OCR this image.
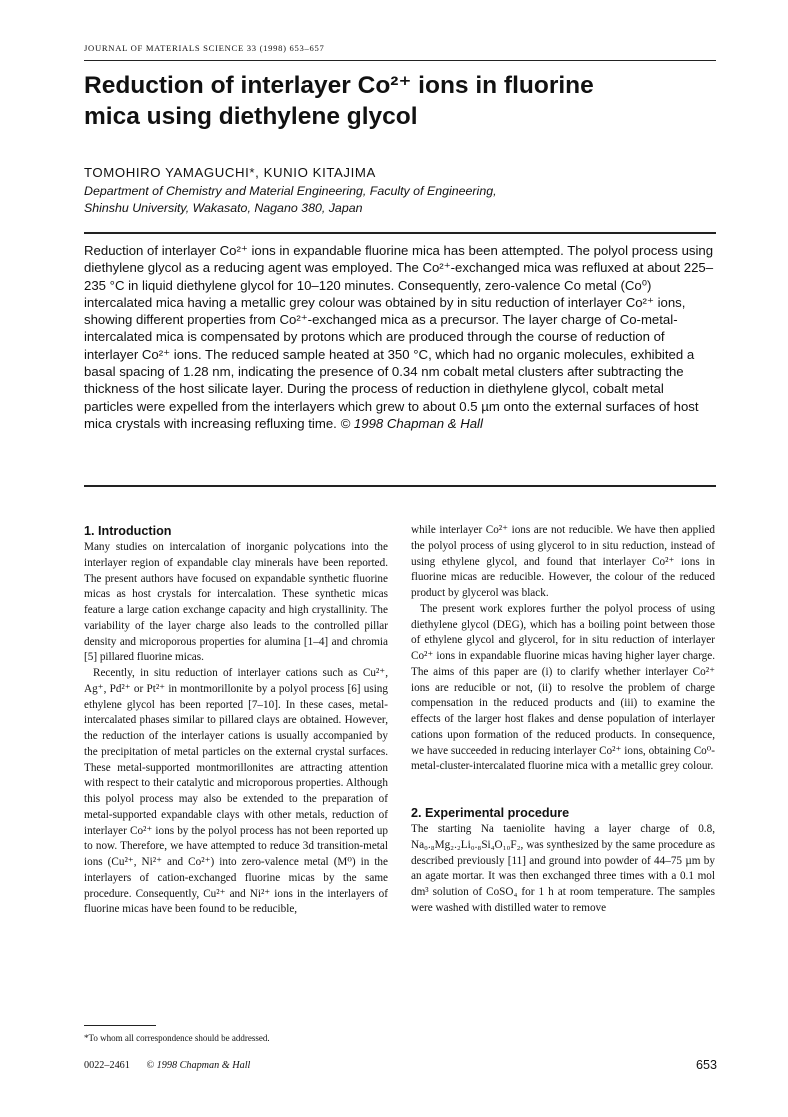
JOURNAL OF MATERIALS SCIENCE 33 (1998) 653–657
Reduction of interlayer Co²⁺ ions in fluorine
mica using diethylene glycol
TOMOHIRO YAMAGUCHI*, KUNIO KITAJIMA
Department of Chemistry and Material Engineering, Faculty of Engineering,
Shinshu University, Wakasato, Nagano 380, Japan
Reduction of interlayer Co²⁺ ions in expandable fluorine mica has been attempted. The polyol process using diethylene glycol as a reducing agent was employed. The Co²⁺-exchanged mica was refluxed at about 225–235 °C in liquid diethylene glycol for 10–120 minutes. Consequently, zero-valence Co metal (Co⁰) intercalated mica having a metallic grey colour was obtained by in situ reduction of interlayer Co²⁺ ions, showing different properties from Co²⁺-exchanged mica as a precursor. The layer charge of Co-metal-intercalated mica is compensated by protons which are produced through the course of reduction of interlayer Co²⁺ ions. The reduced sample heated at 350 °C, which had no organic molecules, exhibited a basal spacing of 1.28 nm, indicating the presence of 0.34 nm cobalt metal clusters after subtracting the thickness of the host silicate layer. During the process of reduction in diethylene glycol, cobalt metal particles were expelled from the interlayers which grew to about 0.5 µm onto the external surfaces of host mica crystals with increasing refluxing time. © 1998 Chapman & Hall
1. Introduction

Many studies on intercalation of inorganic polycations into the interlayer region of expandable clay minerals have been reported. The present authors have focused on expandable synthetic fluorine micas as host crystals for intercalation. These synthetic micas feature a large cation exchange capacity and high crystallinity. The variability of the layer charge also leads to the controlled pillar density and microporous properties for alumina [1–4] and chromia [5] pillared fluorine micas.

Recently, in situ reduction of interlayer cations such as Cu²⁺, Ag⁺, Pd²⁺ or Pt²⁺ in montmorillonite by a polyol process [6] using ethylene glycol has been reported [7–10]. In these cases, metal-intercalated phases similar to pillared clays are obtained. However, the reduction of the interlayer cations is usually accompanied by the precipitation of metal particles on the external crystal surfaces. These metal-supported montmorillonites are attracting attention with respect to their catalytic and microporous properties. Although this polyol process may also be extended to the preparation of metal-supported expandable clays with other metals, reduction of interlayer Co²⁺ ions by the polyol process has not been reported up to now. Therefore, we have attempted to reduce 3d transition-metal ions (Cu²⁺, Ni²⁺ and Co²⁺) into zero-valence metal (M⁰) in the interlayers of cation-exchanged fluorine micas by the same procedure. Consequently, Cu²⁺ and Ni²⁺ ions in the interlayers of fluorine micas have been found to be reducible,

while interlayer Co²⁺ ions are not reducible. We have then applied the polyol process of using glycerol to in situ reduction, instead of using ethylene glycol, and found that interlayer Co²⁺ ions in fluorine micas are reducible. However, the colour of the reduced product by glycerol was black.

The present work explores further the polyol process of using diethylene glycol (DEG), which has a boiling point between those of ethylene glycol and glycerol, for in situ reduction of interlayer Co²⁺ ions in expandable fluorine micas having higher layer charge. The aims of this paper are (i) to clarify whether interlayer Co²⁺ ions are reducible or not, (ii) to resolve the problem of charge compensation in the reduced products and (iii) to examine the effects of the larger host flakes and dense population of interlayer cations upon formation of the reduced products. In consequence, we have succeeded in reducing interlayer Co²⁺ ions, obtaining Co⁰-metal-cluster-intercalated fluorine mica with a metallic grey colour.

2. Experimental procedure

The starting Na taeniolite having a layer charge of 0.8, Na₀.₈Mg₂.₂Li₀.₈Si₄O₁₀F₂, was synthesized by the same procedure as described previously [11] and ground into powder of 44–75 µm by an agate mortar. It was then exchanged three times with a 0.1 mol dm³ solution of CoSO₄ for 1 h at room temperature. The samples were washed with distilled water to remove

*To whom all correspondence should be addressed.
0022–2461 © 1998 Chapman & Hall	653
